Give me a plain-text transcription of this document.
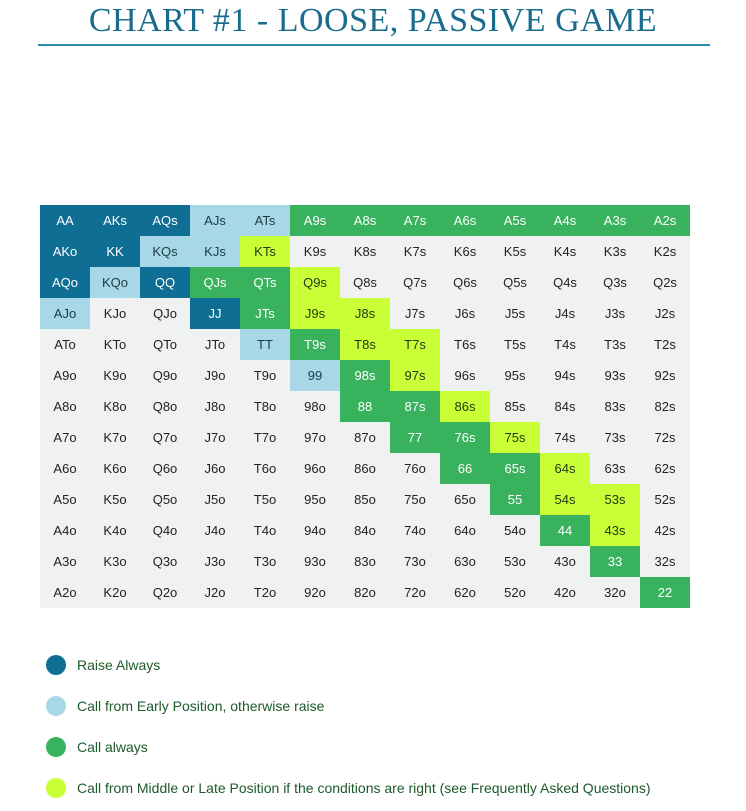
CHART #1 - LOOSE, PASSIVE GAME
AA	AKs	AQs	AJs	ATs	A9s	A8s	A7s	A6s	A5s	A4s	A3s	A2s
AKo	KK	KQs	KJs	KTs	K9s	K8s	K7s	K6s	K5s	K4s	K3s	K2s
AQo	KQo	QQ	QJs	QTs	Q9s	Q8s	Q7s	Q6s	Q5s	Q4s	Q3s	Q2s
AJo	KJo	QJo	JJ	JTs	J9s	J8s	J7s	J6s	J5s	J4s	J3s	J2s
ATo	KTo	QTo	JTo	TT	T9s	T8s	T7s	T6s	T5s	T4s	T3s	T2s
A9o	K9o	Q9o	J9o	T9o	99	98s	97s	96s	95s	94s	93s	92s
A8o	K8o	Q8o	J8o	T8o	98o	88	87s	86s	85s	84s	83s	82s
A7o	K7o	Q7o	J7o	T7o	97o	87o	77	76s	75s	74s	73s	72s
A6o	K6o	Q6o	J6o	T6o	96o	86o	76o	66	65s	64s	63s	62s
A5o	K5o	Q5o	J5o	T5o	95o	85o	75o	65o	55	54s	53s	52s
A4o	K4o	Q4o	J4o	T4o	94o	84o	74o	64o	54o	44	43s	42s
A3o	K3o	Q3o	J3o	T3o	93o	83o	73o	63o	53o	43o	33	32s
A2o	K2o	Q2o	J2o	T2o	92o	82o	72o	62o	52o	42o	32o	22
Raise Always
Call from Early Position, otherwise raise
Call always
Call from Middle or Late Position if the conditions are right (see Frequently Asked Questions)
